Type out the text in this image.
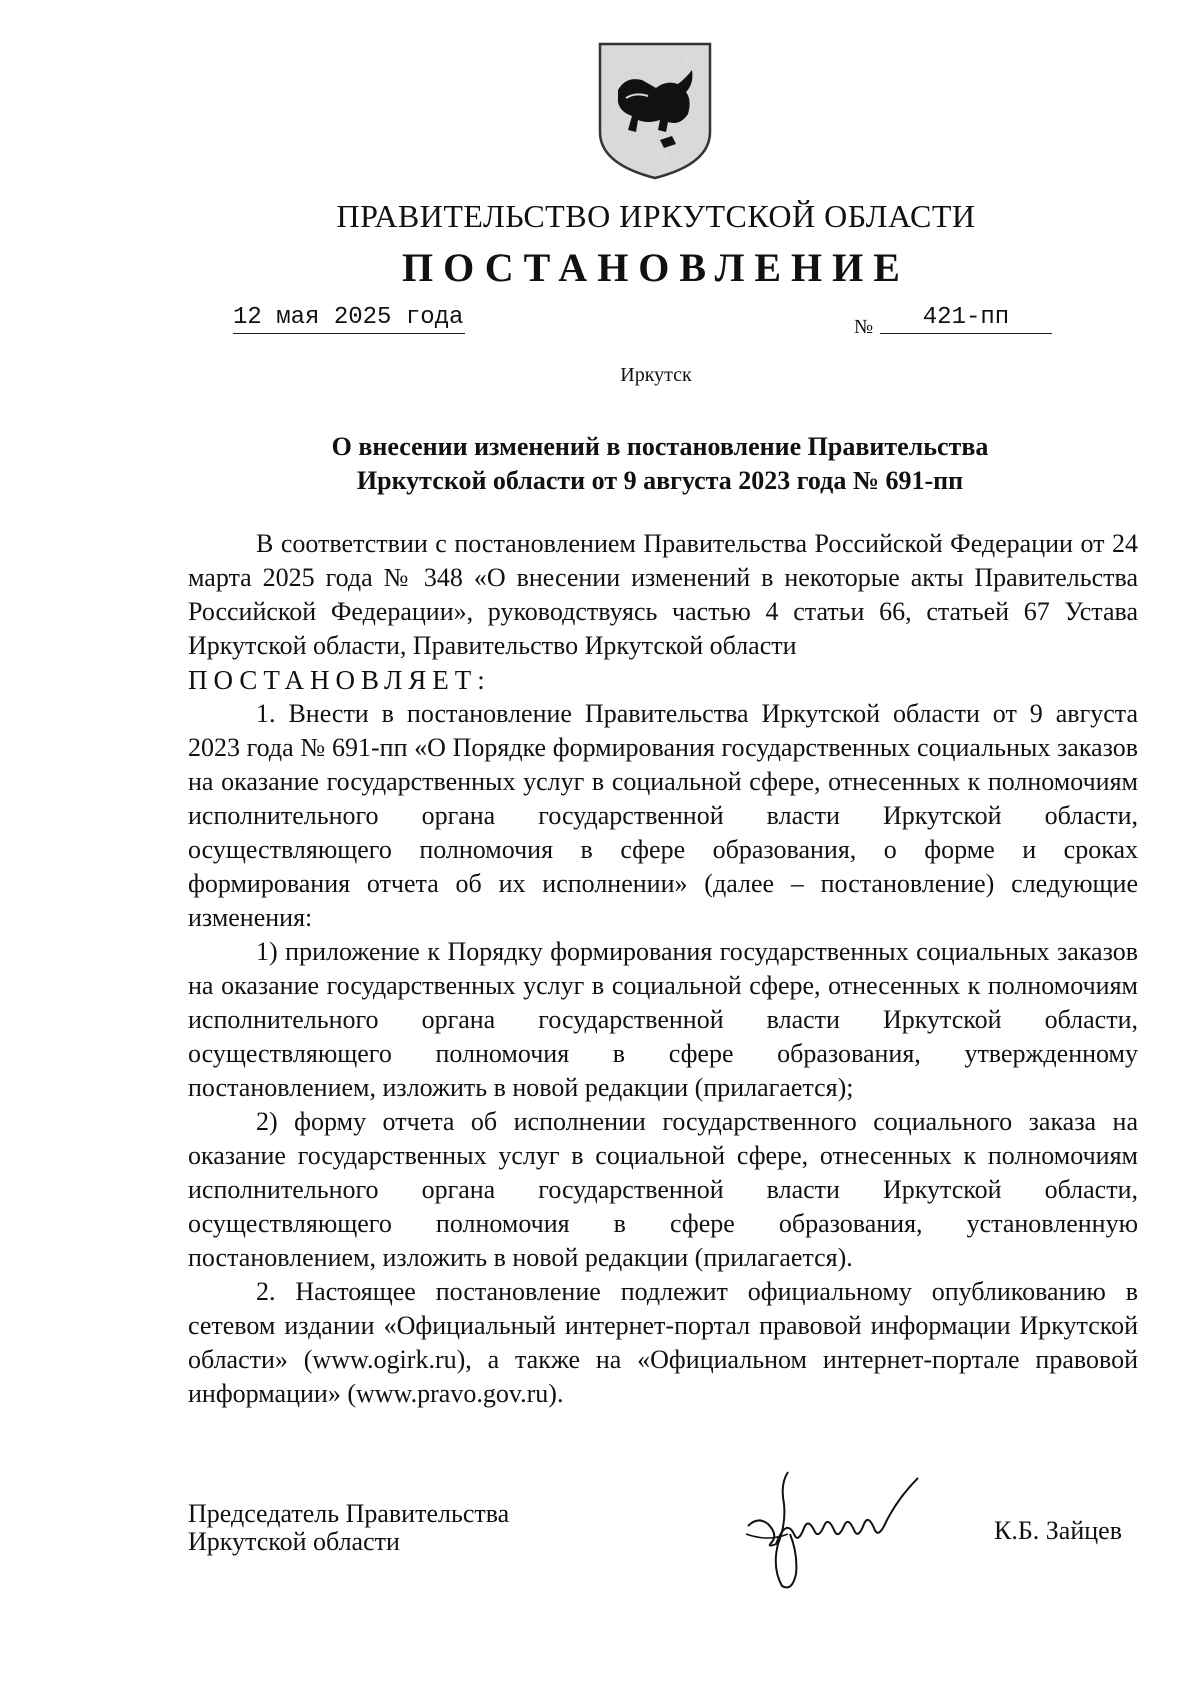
ПРАВИТЕЛЬСТВО ИРКУТСКОЙ ОБЛАСТИ
ПОСТАНОВЛЕНИЕ
12 мая 2025 года	№	421-пп
Иркутск
О внесении изменений в постановление Правительства
Иркутской области от 9 августа 2023 года № 691-пп

В соответствии с постановлением Правительства Российской Федерации от 24 марта 2025 года № 348 «О внесении изменений в некоторые акты Правительства Российской Федерации», руководствуясь частью 4 статьи 66, статьей 67 Устава Иркутской области, Правительство Иркутской области

ПОСТАНОВЛЯЕТ:

1. Внести в постановление Правительства Иркутской области от 9 августа 2023 года № 691-пп «О Порядке формирования государственных социальных заказов на оказание государственных услуг в социальной сфере, отнесенных к полномочиям исполнительного органа государственной власти Иркутской области, осуществляющего полномочия в сфере образования, о форме и сроках формирования отчета об их исполнении» (далее – постановление) следующие изменения:

1) приложение к Порядку формирования государственных социальных заказов на оказание государственных услуг в социальной сфере, отнесенных к полномочиям исполнительного органа государственной власти Иркутской области, осуществляющего полномочия в сфере образования, утвержденному постановлением, изложить в новой редакции (прилагается);

2) форму отчета об исполнении государственного социального заказа на оказание государственных услуг в социальной сфере, отнесенных к полномочиям исполнительного органа государственной власти Иркутской области, осуществляющего полномочия в сфере образования, установленную постановлением, изложить в новой редакции (прилагается).

2. Настоящее постановление подлежит официальному опубликованию в сетевом издании «Официальный интернет-портал правовой информации Иркутской области» (www.ogirk.ru), а также на «Официальном интернет-портале правовой информации» (www.pravo.gov.ru).

Председатель Правительства
Иркутской области	К.Б. Зайцев
